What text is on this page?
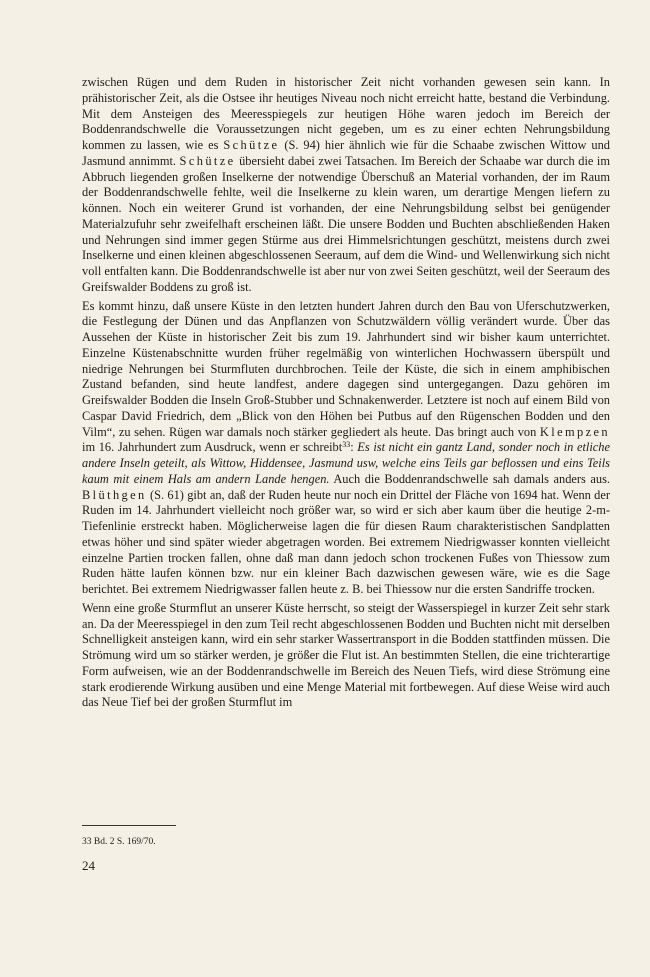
zwischen Rügen und dem Ruden in historischer Zeit nicht vorhanden gewesen sein kann. In prähistorischer Zeit, als die Ostsee ihr heutiges Niveau noch nicht erreicht hatte, bestand die Verbindung. Mit dem Ansteigen des Meeresspiegels zur heutigen Höhe waren jedoch im Bereich der Boddenrandschwelle die Voraussetzungen nicht gegeben, um es zu einer echten Nehrungsbildung kommen zu lassen, wie es Schütze (S. 94) hier ähnlich wie für die Schaabe zwischen Wittow und Jasmund annimmt. Schütze übersieht dabei zwei Tatsachen. Im Bereich der Schaabe war durch die im Abbruch liegenden großen Inselkerne der notwendige Überschuß an Material vorhanden, der im Raum der Boddenrandschwelle fehlte, weil die Inselkerne zu klein waren, um derartige Mengen liefern zu können. Noch ein weiterer Grund ist vorhanden, der eine Nehrungsbildung selbst bei genügender Materialzufuhr sehr zweifelhaft erscheinen läßt. Die unsere Bodden und Buchten abschließenden Haken und Nehrungen sind immer gegen Stürme aus drei Himmelsrichtungen geschützt, meistens durch zwei Inselkerne und einen kleinen abgeschlossenen Seeraum, auf dem die Wind- und Wellenwirkung sich nicht voll entfalten kann. Die Boddenrandschwelle ist aber nur von zwei Seiten geschützt, weil der Seeraum des Greifswalder Boddens zu groß ist.

Es kommt hinzu, daß unsere Küste in den letzten hundert Jahren durch den Bau von Uferschutzwerken, die Festlegung der Dünen und das Anpflanzen von Schutzwäldern völlig verändert wurde. Über das Aussehen der Küste in historischer Zeit bis zum 19. Jahrhundert sind wir bisher kaum unterrichtet. Einzelne Küstenabschnitte wurden früher regelmäßig von winterlichen Hochwassern überspült und niedrige Nehrungen bei Sturmfluten durchbrochen. Teile der Küste, die sich in einem amphibischen Zustand befanden, sind heute landfest, andere dagegen sind untergegangen. Dazu gehören im Greifswalder Bodden die Inseln Groß-Stubber und Schnakenwerder. Letztere ist noch auf einem Bild von Caspar David Friedrich, dem „Blick von den Höhen bei Putbus auf den Rügenschen Bodden und den Vilm“, zu sehen. Rügen war damals noch stärker gegliedert als heute. Das bringt auch von Klempzen im 16. Jahrhundert zum Ausdruck, wenn er schreibt$^{33}$: Es ist nicht ein gantz Land, sonder noch in etliche andere Inseln geteilt, als Wittow, Hiddensee, Jasmund usw, welche eins Teils gar beflossen und eins Teils kaum mit einem Hals am andern Lande hengen. Auch die Boddenrandschwelle sah damals anders aus. Blüthgen (S. 61) gibt an, daß der Ruden heute nur noch ein Drittel der Fläche von 1694 hat. Wenn der Ruden im 14. Jahrhundert vielleicht noch größer war, so wird er sich aber kaum über die heutige 2-m-Tiefenlinie erstreckt haben. Möglicherweise lagen die für diesen Raum charakteristischen Sandplatten etwas höher und sind später wieder abgetragen worden. Bei extremem Niedrigwasser konnten vielleicht einzelne Partien trocken fallen, ohne daß man dann jedoch schon trockenen Fußes von Thiessow zum Ruden hätte laufen können bzw. nur ein kleiner Bach dazwischen gewesen wäre, wie es die Sage berichtet. Bei extremem Niedrigwasser fallen heute z. B. bei Thiessow nur die ersten Sandriffe trocken.

Wenn eine große Sturmflut an unserer Küste herrscht, so steigt der Wasserspiegel in kurzer Zeit sehr stark an. Da der Meeresspiegel in den zum Teil recht abgeschlossenen Bodden und Buchten nicht mit derselben Schnelligkeit ansteigen kann, wird ein sehr starker Wassertransport in die Bodden stattfinden müssen. Die Strömung wird um so stärker werden, je größer die Flut ist. An bestimmten Stellen, die eine trichterartige Form aufweisen, wie an der Boddenrandschwelle im Bereich des Neuen Tiefs, wird diese Strömung eine stark erodierende Wirkung ausüben und eine Menge Material mit fortbewegen. Auf diese Weise wird auch das Neue Tief bei der großen Sturmflut im

33 Bd. 2 S. 169/70.
24
